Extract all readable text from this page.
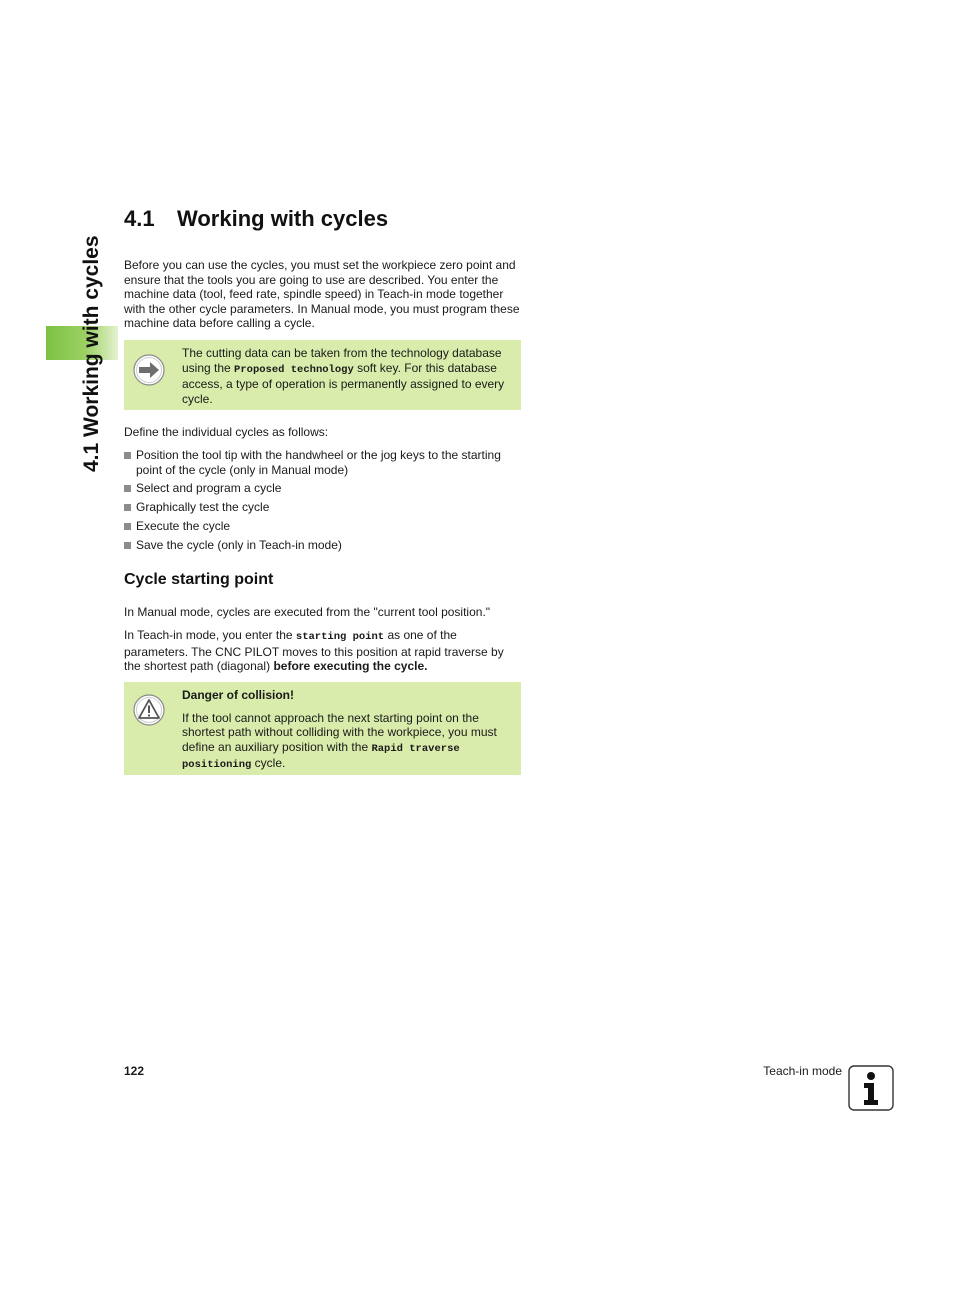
4.1 Working with cycles
4.1 Working with cycles

Before you can use the cycles, you must set the workpiece zero point and ensure that the tools you are going to use are described. You enter the machine data (tool, feed rate, spindle speed) in Teach-in mode together with the other cycle parameters. In Manual mode, you must program these machine data before calling a cycle.

The cutting data can be taken from the technology database using the Proposed technology soft key. For this database access, a type of operation is permanently assigned to every cycle.

Define the individual cycles as follows:

Position the tool tip with the handwheel or the jog keys to the starting point of the cycle (only in Manual mode)
Select and program a cycle
Graphically test the cycle
Execute the cycle
Save the cycle (only in Teach-in mode)
Cycle starting point

In Manual mode, cycles are executed from the "current tool position."

In Teach-in mode, you enter the starting point as one of the parameters. The CNC PILOT moves to this position at rapid traverse by the shortest path (diagonal) before executing the cycle.

Danger of collision!
If the tool cannot approach the next starting point on the shortest path without colliding with the workpiece, you must define an auxiliary position with the Rapid traverse positioning cycle.
122	Teach-in mode
